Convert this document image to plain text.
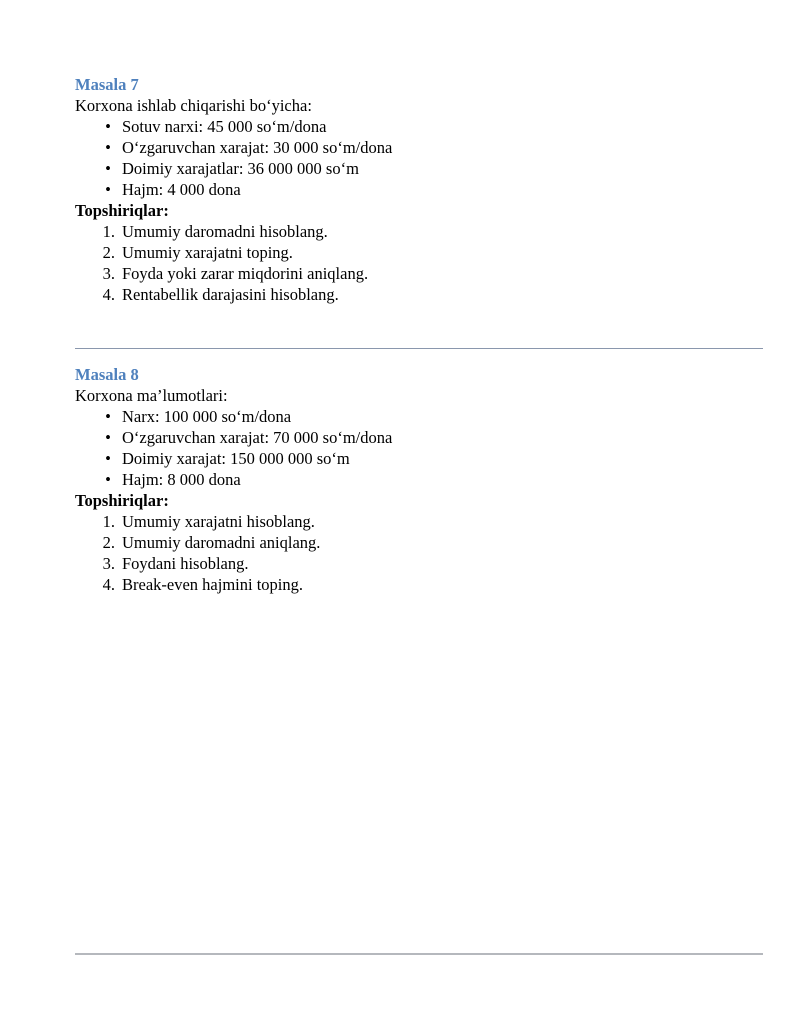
Masala 7
Korxona ishlab chiqarishi bo‘yicha:
• Sotuv narxi: 45 000 so‘m/dona
• O‘zgaruvchan xarajat: 30 000 so‘m/dona
• Doimiy xarajatlar: 36 000 000 so‘m
• Hajm: 4 000 dona
Topshiriqlar:
1. Umumiy daromadni hisoblang.
2. Umumiy xarajatni toping.
3. Foyda yoki zarar miqdorini aniqlang.
4. Rentabellik darajasini hisoblang.
Masala 8
Korxona ma’lumotlari:
• Narx: 100 000 so‘m/dona
• O‘zgaruvchan xarajat: 70 000 so‘m/dona
• Doimiy xarajat: 150 000 000 so‘m
• Hajm: 8 000 dona
Topshiriqlar:
1. Umumiy xarajatni hisoblang.
2. Umumiy daromadni aniqlang.
3. Foydani hisoblang.
4. Break-even hajmini toping.
